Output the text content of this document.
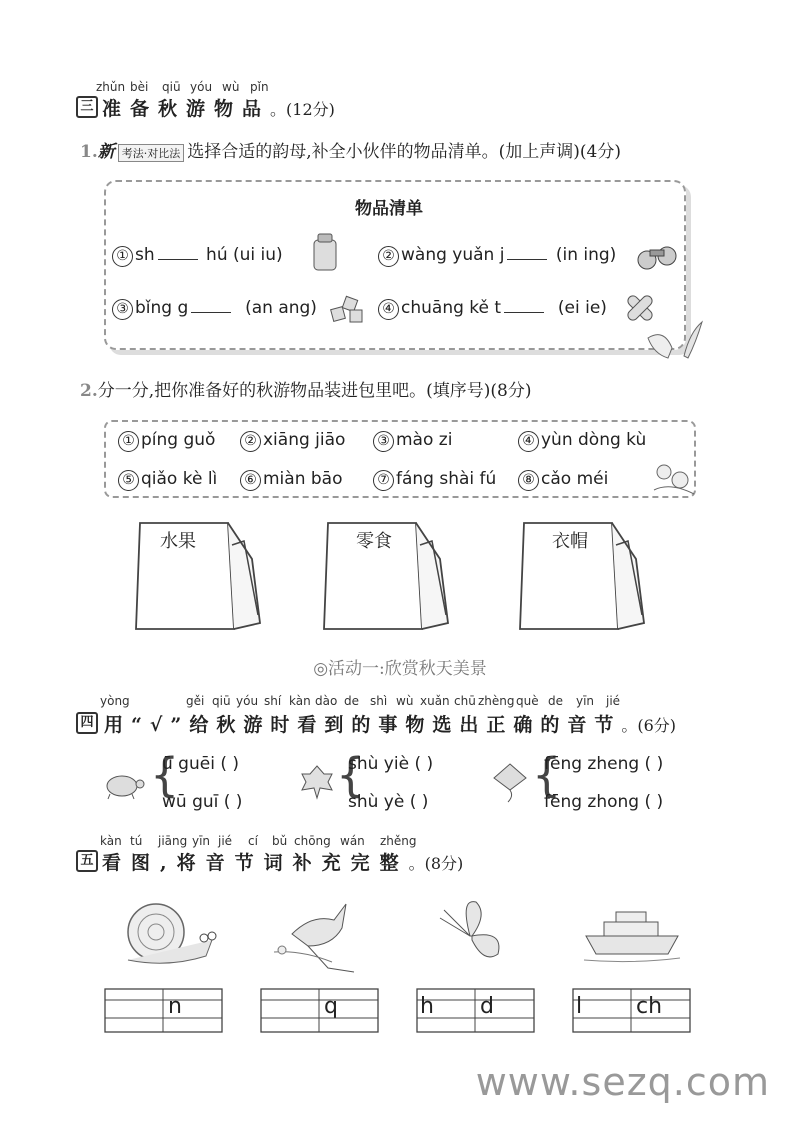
三
zhǔn bèi qiū yóu wù pǐn
准备秋游物品。(12分)
1.新 考法·对比法 选择合适的韵母,补全小伙伴的物品清单。(加上声调)(4分)
物品清单
① sh	hú (ui iu)	② wàng yuǎn j	(in ing)
③ bǐng g	(an ang)	④ chuāng kě t	(ei ie)
2.分一分,把你准备好的秋游物品装进包里吧。(填序号)(8分)
① píng guǒ	② xiāng jiāo	③ mào zi	④ yùn dòng kù
⑤ qiǎo kè lì	⑥ miàn bāo	⑦ fáng shài fú	⑧ cǎo méi
水果	零食	衣帽
◎活动一:欣赏秋天美景
四
yòng	gěi qiū yóu shí kàn dào de shì wù xuǎn chū zhèng què de yīn jié
用“√”给秋游时看到的事物选出正确的音节。(6分)
{
ū guēi ( )
wū guī ( ) {
shù yiè ( )
shù yè ( ) {
fēng zheng ( )
fēng zhong ( )
五
kàn tú jiāng yīn jié cí bǔ chōng wán zhěng
看图,将音节词补充完整。(8分)
n	q	h	d	l	ch
www.sezq.com
